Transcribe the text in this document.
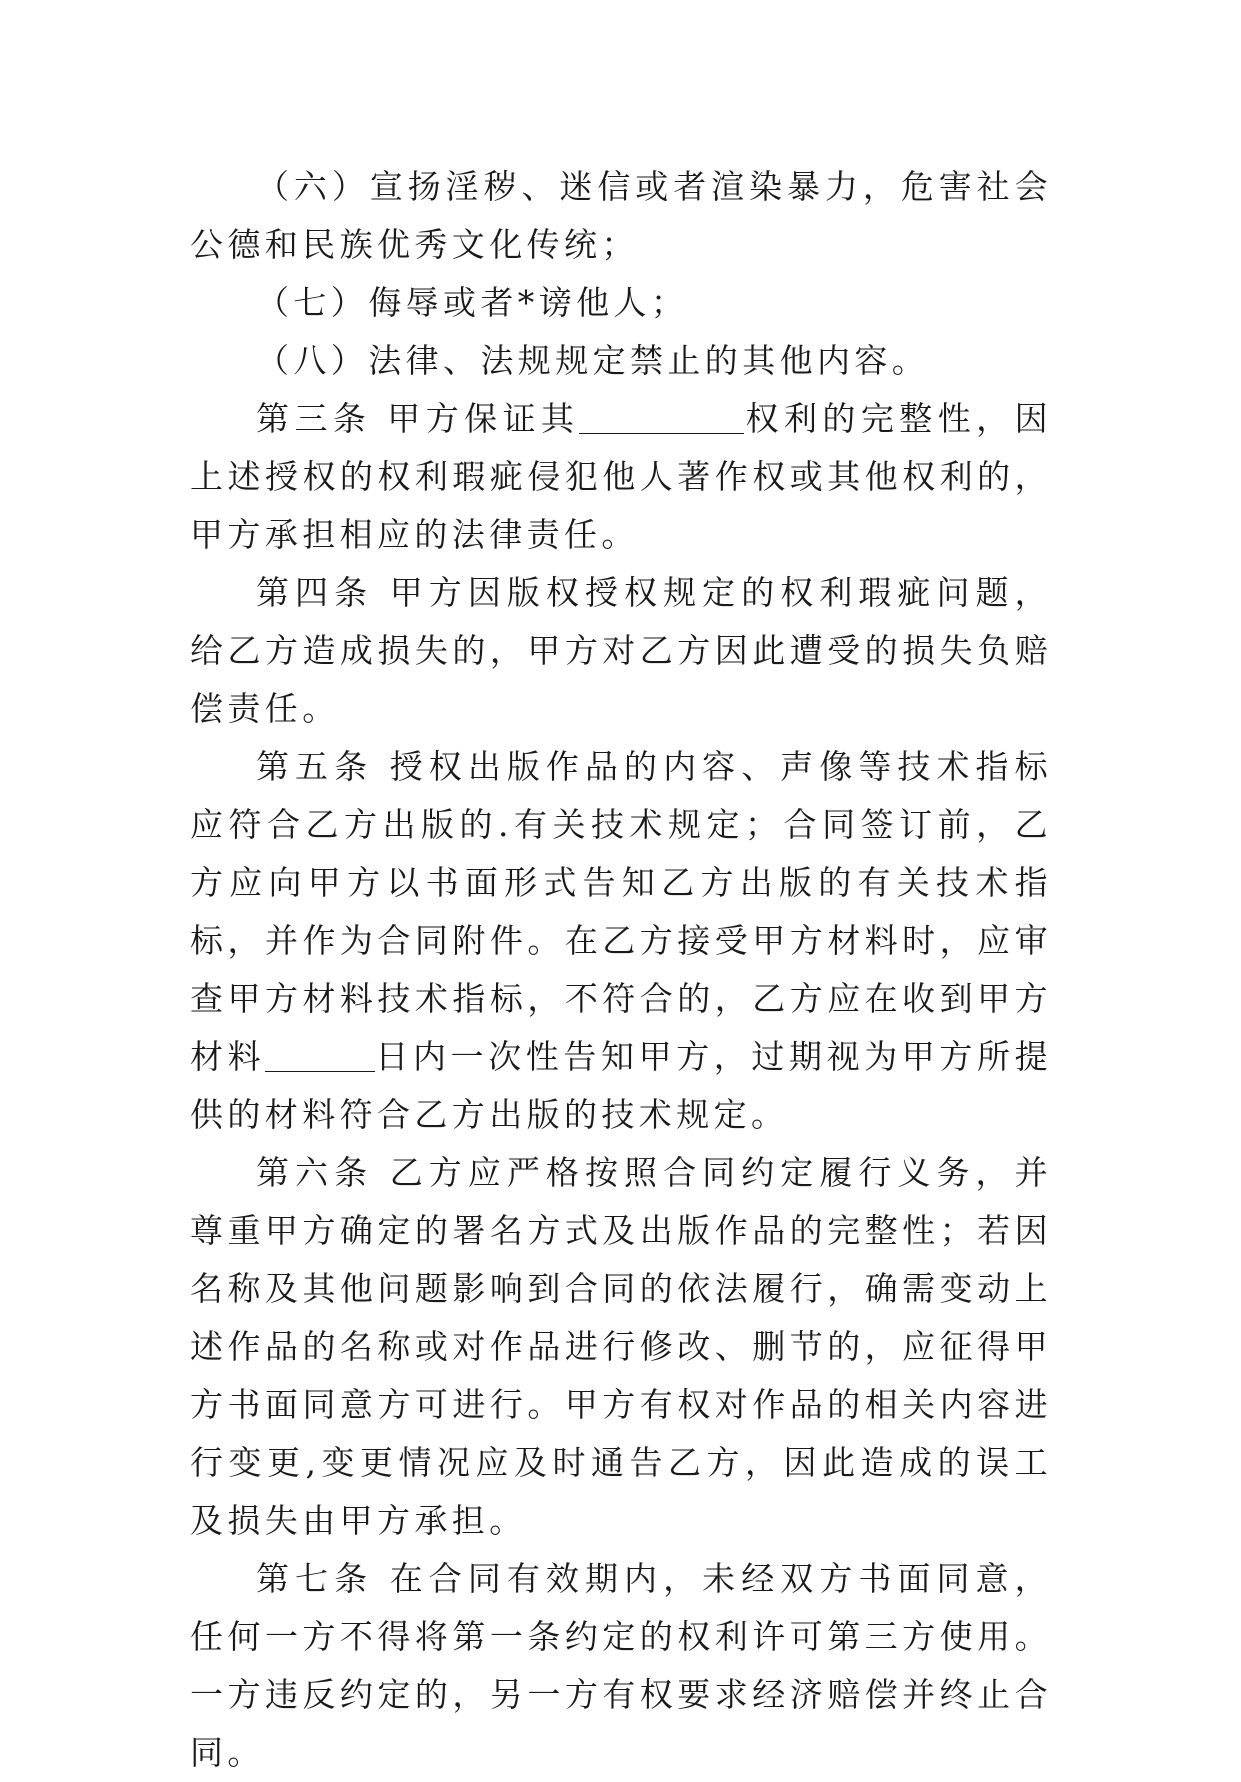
（六）宣扬淫秽、迷信或者渲染暴力，危害社会公德和民族优秀文化传统；

（七）侮辱或者*谤他人；

（八）法律、法规规定禁止的其他内容。

第三条 甲方保证其	权利的完整性，因上述授权的权利瑕疵侵犯他人著作权或其他权利的，甲方承担相应的法律责任。

第四条 甲方因版权授权规定的权利瑕疵问题，给乙方造成损失的，甲方对乙方因此遭受的损失负赔偿责任。

第五条 授权出版作品的内容、声像等技术指标应符合乙方出版的.有关技术规定；合同签订前，乙方应向甲方以书面形式告知乙方出版的有关技术指标，并作为合同附件。在乙方接受甲方材料时，应审查甲方材料技术指标，不符合的，乙方应在收到甲方材料	日内一次性告知甲方，过期视为甲方所提供的材料符合乙方出版的技术规定。

第六条 乙方应严格按照合同约定履行义务，并尊重甲方确定的署名方式及出版作品的完整性；若因名称及其他问题影响到合同的依法履行，确需变动上述作品的名称或对作品进行修改、删节的，应征得甲方书面同意方可进行。甲方有权对作品的相关内容进行变更,变更情况应及时通告乙方，因此造成的误工及损失由甲方承担。

第七条 在合同有效期内，未经双方书面同意，任何一方不得将第一条约定的权利许可第三方使用。一方违反约定的，另一方有权要求经济赔偿并终止合同。
